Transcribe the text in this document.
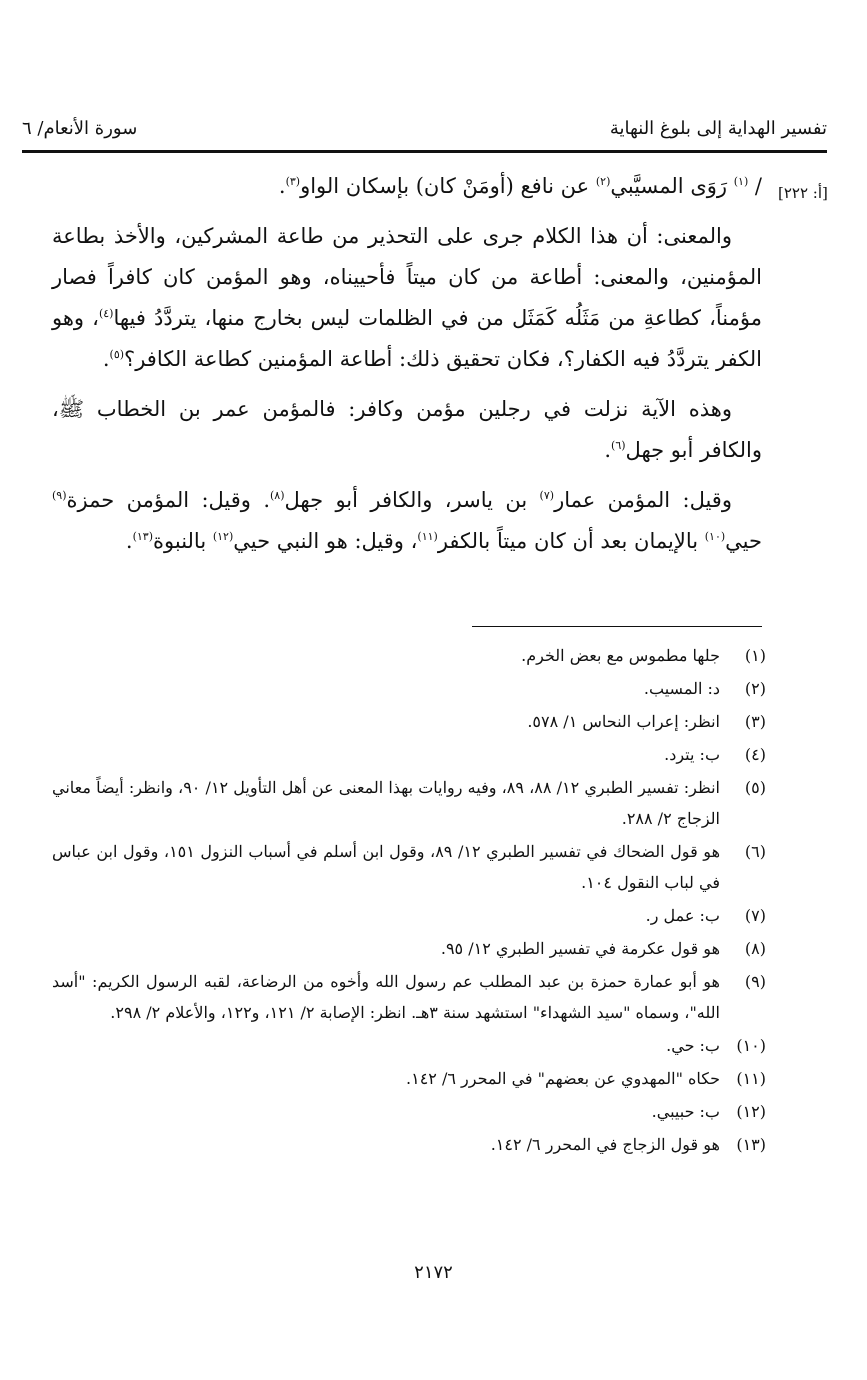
سورة الأنعام/ ٦	تفسير الهداية إلى بلوغ النهاية
[أ: ٢٢٢]

/ $^{(١)}$ رَوَى المسيَّبي$^{(٢)}$ عن نافع (أومَنْ كان) بإسكان الواو$^{(٣)}$.

والمعنى: أن هذا الكلام جرى على التحذير من طاعة المشركين، والأخذ بطاعة المؤمنين، والمعنى: أطاعة من كان ميتاً فأحييناه، وهو المؤمن كان كافراً فصار مؤمناً، كطاعةِ من مَثَلُه كَمَثَل من في الظلمات ليس بخارج منها، يتردَّدُ فيها$^{(٤)}$، وهو الكفر يتردَّدُ فيه الكفار؟، فكان تحقيق ذلك: أطاعة المؤمنين كطاعة الكافر؟$^{(٥)}$.

وهذه الآية نزلت في رجلين مؤمن وكافر: فالمؤمن عمر بن الخطاب ﷺ، والكافر أبو جهل$^{(٦)}$.

وقيل: المؤمن عمار$^{(٧)}$ بن ياسر، والكافر أبو جهل$^{(٨)}$. وقيل: المؤمن حمزة$^{(٩)}$ حيي$^{(١٠)}$ بالإيمان بعد أن كان ميتاً بالكفر$^{(١١)}$، وقيل: هو النبي حيي$^{(١٢)}$ بالنبوة$^{(١٣)}$.

(١)
جلها مطموس مع بعض الخرم.
(٢)
د: المسيب.
(٣)
انظر: إعراب النحاس ١/ ٥٧٨.
(٤)
ب: يترد.
(٥)
انظر: تفسير الطبري ١٢/ ٨٨، ٨٩، وفيه روايات بهذا المعنى عن أهل التأويل ١٢/ ٩٠، وانظر: أيضاً معاني الزجاج ٢/ ٢٨٨.
(٦)
هو قول الضحاك في تفسير الطبري ١٢/ ٨٩، وقول ابن أسلم في أسباب النزول ١٥١، وقول ابن عباس في لباب النقول ١٠٤.
(٧)
ب: عمل ر.
(٨)
هو قول عكرمة في تفسير الطبري ١٢/ ٩٥.
(٩)
هو أبو عمارة حمزة بن عبد المطلب عم رسول الله وأخوه من الرضاعة، لقبه الرسول الكريم: "أسد الله"، وسماه "سيد الشهداء" استشهد سنة ٣هـ. انظر: الإصابة ٢/ ١٢١، و١٢٢، والأعلام ٢/ ٢٩٨.
(١٠)
ب: حي.
(١١)
حكاه "المهدوي عن بعضهم" في المحرر ٦/ ١٤٢.
(١٢)
ب: حبيبي.
(١٣)
هو قول الزجاج في المحرر ٦/ ١٤٢.
٢١٧٢
